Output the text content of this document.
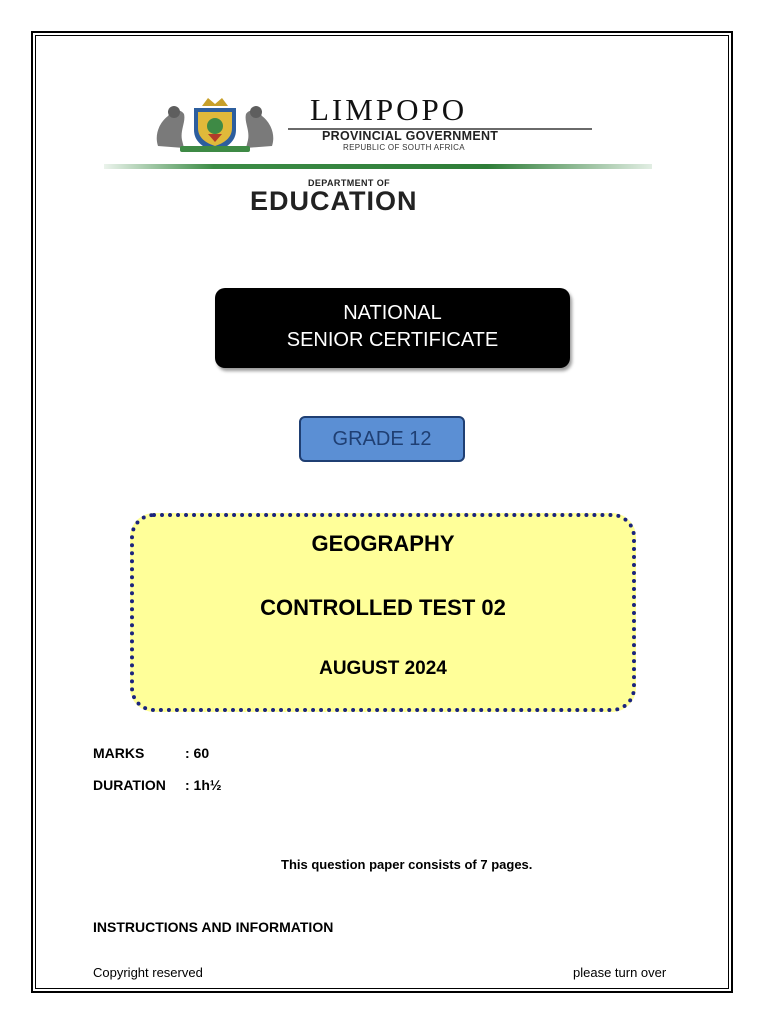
LIMPOPO
PROVINCIAL GOVERNMENT
REPUBLIC OF SOUTH AFRICA
DEPARTMENT OF
EDUCATION
NATIONAL
SENIOR CERTIFICATE
GRADE 12
GEOGRAPHY
CONTROLLED TEST 02
AUGUST 2024
MARKS	: 60
DURATION : 1h½
This question paper consists of 7 pages.
INSTRUCTIONS AND INFORMATION
Copyright reserved	please turn over
